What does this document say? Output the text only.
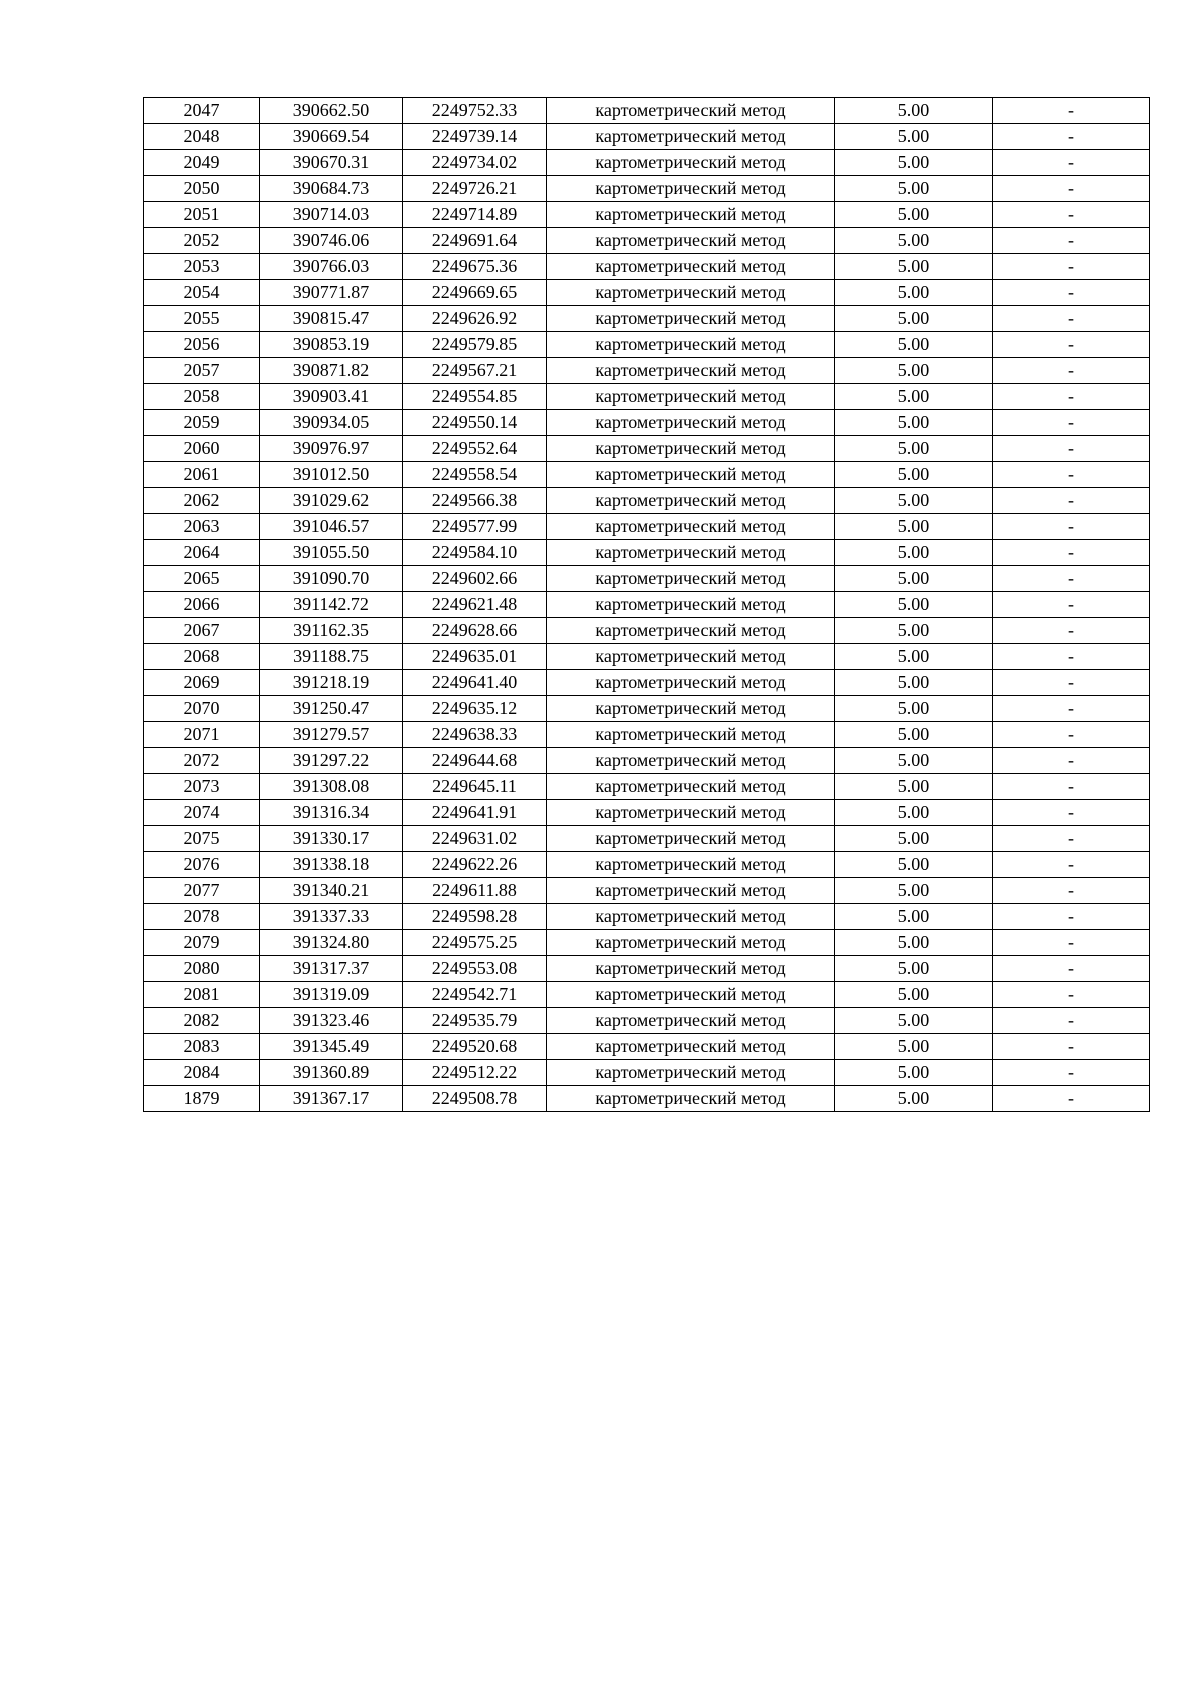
2047	390662.50	2249752.33	картометрический метод	5.00	-
2048	390669.54	2249739.14	картометрический метод	5.00	-
2049	390670.31	2249734.02	картометрический метод	5.00	-
2050	390684.73	2249726.21	картометрический метод	5.00	-
2051	390714.03	2249714.89	картометрический метод	5.00	-
2052	390746.06	2249691.64	картометрический метод	5.00	-
2053	390766.03	2249675.36	картометрический метод	5.00	-
2054	390771.87	2249669.65	картометрический метод	5.00	-
2055	390815.47	2249626.92	картометрический метод	5.00	-
2056	390853.19	2249579.85	картометрический метод	5.00	-
2057	390871.82	2249567.21	картометрический метод	5.00	-
2058	390903.41	2249554.85	картометрический метод	5.00	-
2059	390934.05	2249550.14	картометрический метод	5.00	-
2060	390976.97	2249552.64	картометрический метод	5.00	-
2061	391012.50	2249558.54	картометрический метод	5.00	-
2062	391029.62	2249566.38	картометрический метод	5.00	-
2063	391046.57	2249577.99	картометрический метод	5.00	-
2064	391055.50	2249584.10	картометрический метод	5.00	-
2065	391090.70	2249602.66	картометрический метод	5.00	-
2066	391142.72	2249621.48	картометрический метод	5.00	-
2067	391162.35	2249628.66	картометрический метод	5.00	-
2068	391188.75	2249635.01	картометрический метод	5.00	-
2069	391218.19	2249641.40	картометрический метод	5.00	-
2070	391250.47	2249635.12	картометрический метод	5.00	-
2071	391279.57	2249638.33	картометрический метод	5.00	-
2072	391297.22	2249644.68	картометрический метод	5.00	-
2073	391308.08	2249645.11	картометрический метод	5.00	-
2074	391316.34	2249641.91	картометрический метод	5.00	-
2075	391330.17	2249631.02	картометрический метод	5.00	-
2076	391338.18	2249622.26	картометрический метод	5.00	-
2077	391340.21	2249611.88	картометрический метод	5.00	-
2078	391337.33	2249598.28	картометрический метод	5.00	-
2079	391324.80	2249575.25	картометрический метод	5.00	-
2080	391317.37	2249553.08	картометрический метод	5.00	-
2081	391319.09	2249542.71	картометрический метод	5.00	-
2082	391323.46	2249535.79	картометрический метод	5.00	-
2083	391345.49	2249520.68	картометрический метод	5.00	-
2084	391360.89	2249512.22	картометрический метод	5.00	-
1879	391367.17	2249508.78	картометрический метод	5.00	-
